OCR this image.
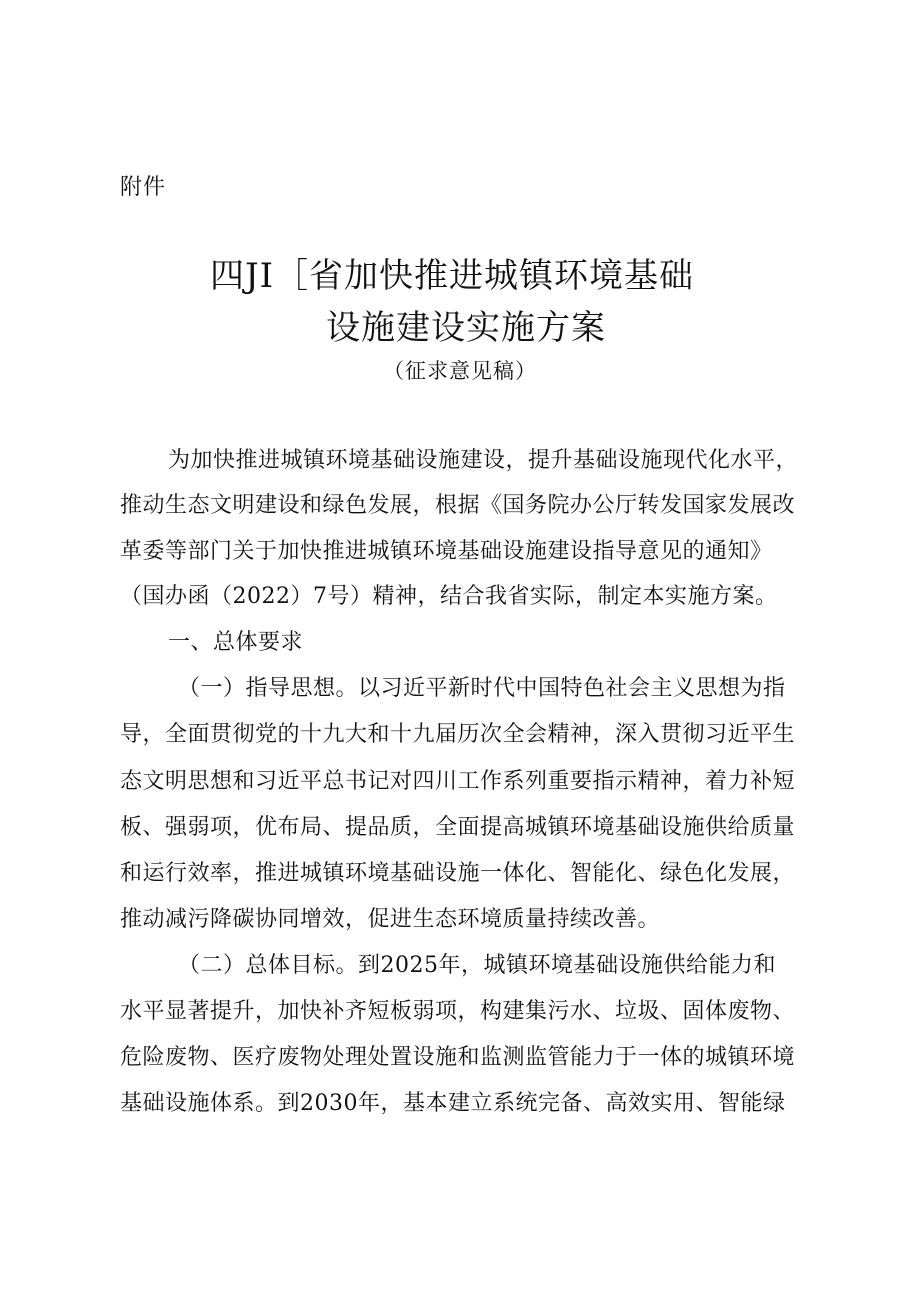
附件
四JI［省加快推进城镇环境基础
设施建设实施方案
（征求意见稿）
为加快推进城镇环境基础设施建设，提升基础设施现代化水平，
推动生态文明建设和绿色发展，根据《国务院办公厅转发国家发展改
革委等部门关于加快推进城镇环境基础设施建设指导意见的通知》
（国办函（2022）7号）精神，结合我省实际，制定本实施方案。
一、总体要求
（一）指导思想。以习近平新时代中国特色社会主义思想为指
导，全面贯彻党的十九大和十九届历次全会精神，深入贯彻习近平生
态文明思想和习近平总书记对四川工作系列重要指示精神，着力补短
板、强弱项，优布局、提品质，全面提高城镇环境基础设施供给质量
和运行效率，推进城镇环境基础设施一体化、智能化、绿色化发展，
推动减污降碳协同增效，促进生态环境质量持续改善。
（二）总体目标。到2025年，城镇环境基础设施供给能力和
水平显著提升，加快补齐短板弱项，构建集污水、垃圾、固体废物、
危险废物、医疗废物处理处置设施和监测监管能力于一体的城镇环境
基础设施体系。到2030年，基本建立系统完备、高效实用、智能绿
